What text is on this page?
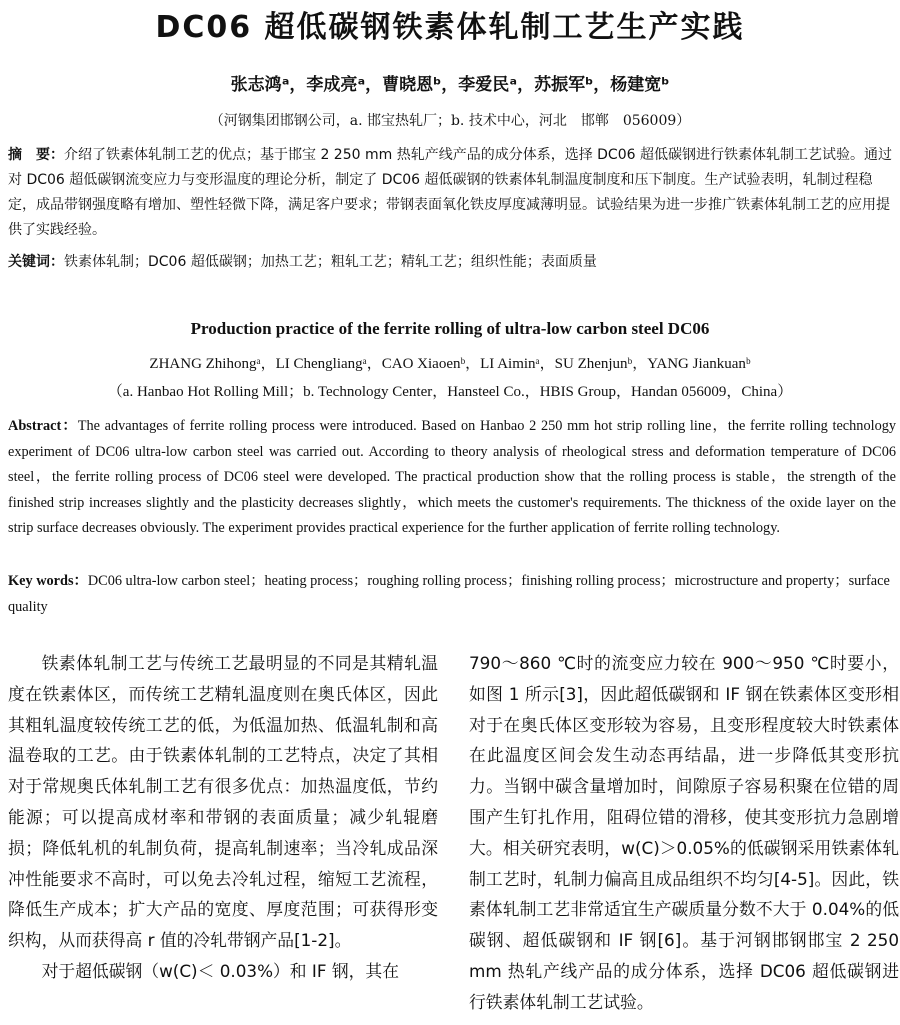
DC06 超低碳钢铁素体轧制工艺生产实践
张志鸿ᵃ，李成亮ᵃ，曹晓恩ᵇ，李爱民ᵃ，苏振军ᵇ，杨建宽ᵇ
（河钢集团邯钢公司，a. 邯宝热轧厂；b. 技术中心，河北　邯郸　056009）
摘　要：介绍了铁素体轧制工艺的优点；基于邯宝 2 250 mm 热轧产线产品的成分体系，选择 DC06 超低碳钢进行铁素体轧制工艺试验。通过对 DC06 超低碳钢流变应力与变形温度的理论分析，制定了 DC06 超低碳钢的铁素体轧制温度制度和压下制度。生产试验表明，轧制过程稳定，成品带钢强度略有增加、塑性轻微下降，满足客户要求；带钢表面氧化铁皮厚度减薄明显。试验结果为进一步推广铁素体轧制工艺的应用提供了实践经验。
关键词：铁素体轧制；DC06 超低碳钢；加热工艺；粗轧工艺；精轧工艺；组织性能；表面质量
Production practice of the ferrite rolling of ultra-low carbon steel DC06
ZHANG Zhihongᵃ，LI Chengliangᵃ，CAO Xiaoenᵇ，LI Aiminᵃ，SU Zhenjunᵇ，YANG Jiankuanᵇ
（a. Hanbao Hot Rolling Mill；b. Technology Center，Hansteel Co.，HBIS Group，Handan 056009，China）
Abstract：The advantages of ferrite rolling process were introduced. Based on Hanbao 2 250 mm hot strip rolling line，the ferrite rolling technology experiment of DC06 ultra-low carbon steel was carried out. According to theory analysis of rheological stress and deformation temperature of DC06 steel，the ferrite rolling process of DC06 steel were developed. The practical production show that the rolling process is stable，the strength of the finished strip increases slightly and the plasticity decreases slightly，which meets the customer's requirements. The thickness of the oxide layer on the strip surface decreases obviously. The experiment provides practical experience for the further application of ferrite rolling technology.
Key words：DC06 ultra-low carbon steel；heating process；roughing rolling process；finishing rolling process；microstructure and property；surface quality

铁素体轧制工艺与传统工艺最明显的不同是其精轧温度在铁素体区，而传统工艺精轧温度则在奥氏体区，因此其粗轧温度较传统工艺的低，为低温加热、低温轧制和高温卷取的工艺。由于铁素体轧制的工艺特点，决定了其相对于常规奥氏体轧制工艺有很多优点：加热温度低，节约能源；可以提高成材率和带钢的表面质量；减少轧辊磨损；降低轧机的轧制负荷，提高轧制速率；当冷轧成品深冲性能要求不高时，可以免去冷轧过程，缩短工艺流程，降低生产成本；扩大产品的宽度、厚度范围；可获得形变织构，从而获得高 r 值的冷轧带钢产品[1-2]。

对于超低碳钢（w(C)＜ 0.03%）和 IF 钢，其在

790～860 ℃时的流变应力较在 900～950 ℃时要小，如图 1 所示[3]，因此超低碳钢和 IF 钢在铁素体区变形相对于在奥氏体区变形较为容易，且变形程度较大时铁素体在此温度区间会发生动态再结晶，进一步降低其变形抗力。当钢中碳含量增加时，间隙原子容易积聚在位错的周围产生钉扎作用，阻碍位错的滑移，使其变形抗力急剧增大。相关研究表明，w(C)＞0.05%的低碳钢采用铁素体轧制工艺时，轧制力偏高且成品组织不均匀[4-5]。因此，铁素体轧制工艺非常适宜生产碳质量分数不大于 0.04%的低碳钢、超低碳钢和 IF 钢[6]。基于河钢邯钢邯宝 2 250 mm 热轧产线产品的成分体系，选择 DC06 超低碳钢进行铁素体轧制工艺试验。
